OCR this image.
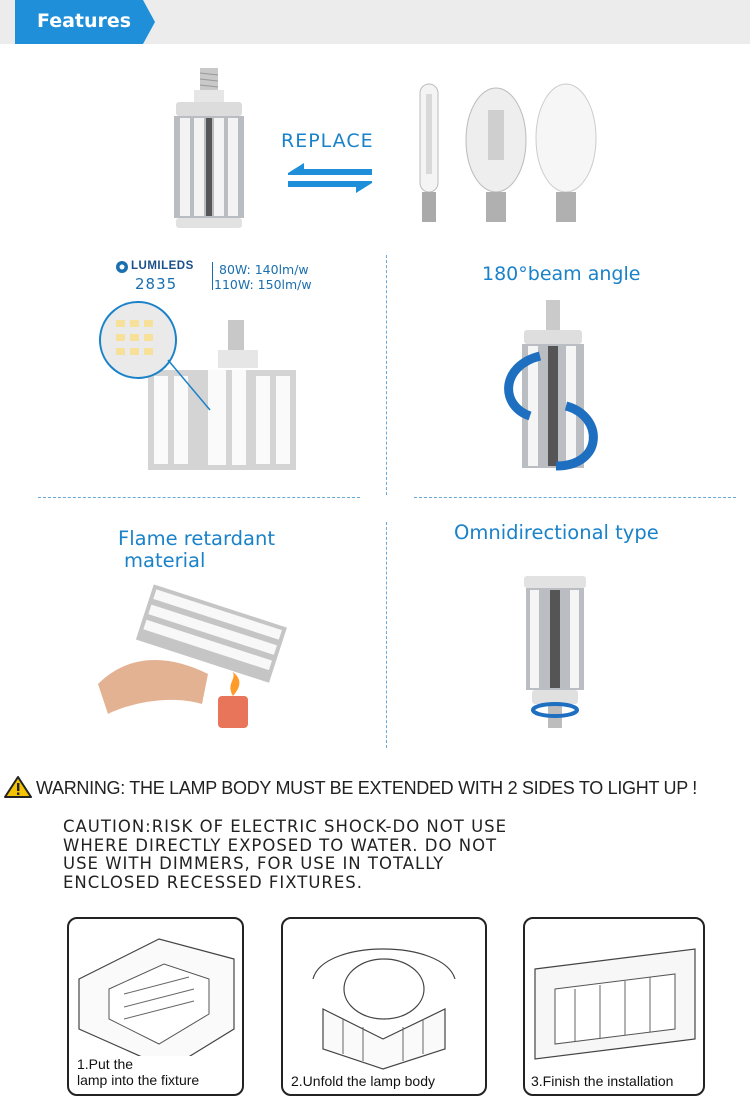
Features
REPLACE
LUMILEDS
2835
80W: 140lm/w
110W: 150lm/w	180°beam angle
Flame retardant
material
Omnidirectional type
WARNING: THE LAMP BODY MUST BE EXTENDED WITH 2 SIDES TO LIGHT UP !
CAUTION:RISK OF ELECTRIC SHOCK-DO NOT USE
WHERE DIRECTLY EXPOSED TO WATER. DO NOT
USE WITH DIMMERS, FOR USE IN TOTALLY
ENCLOSED RECESSED FIXTURES.
1.Put the
lamp into the fixture	2.Unfold the lamp body	3.Finish the installation
